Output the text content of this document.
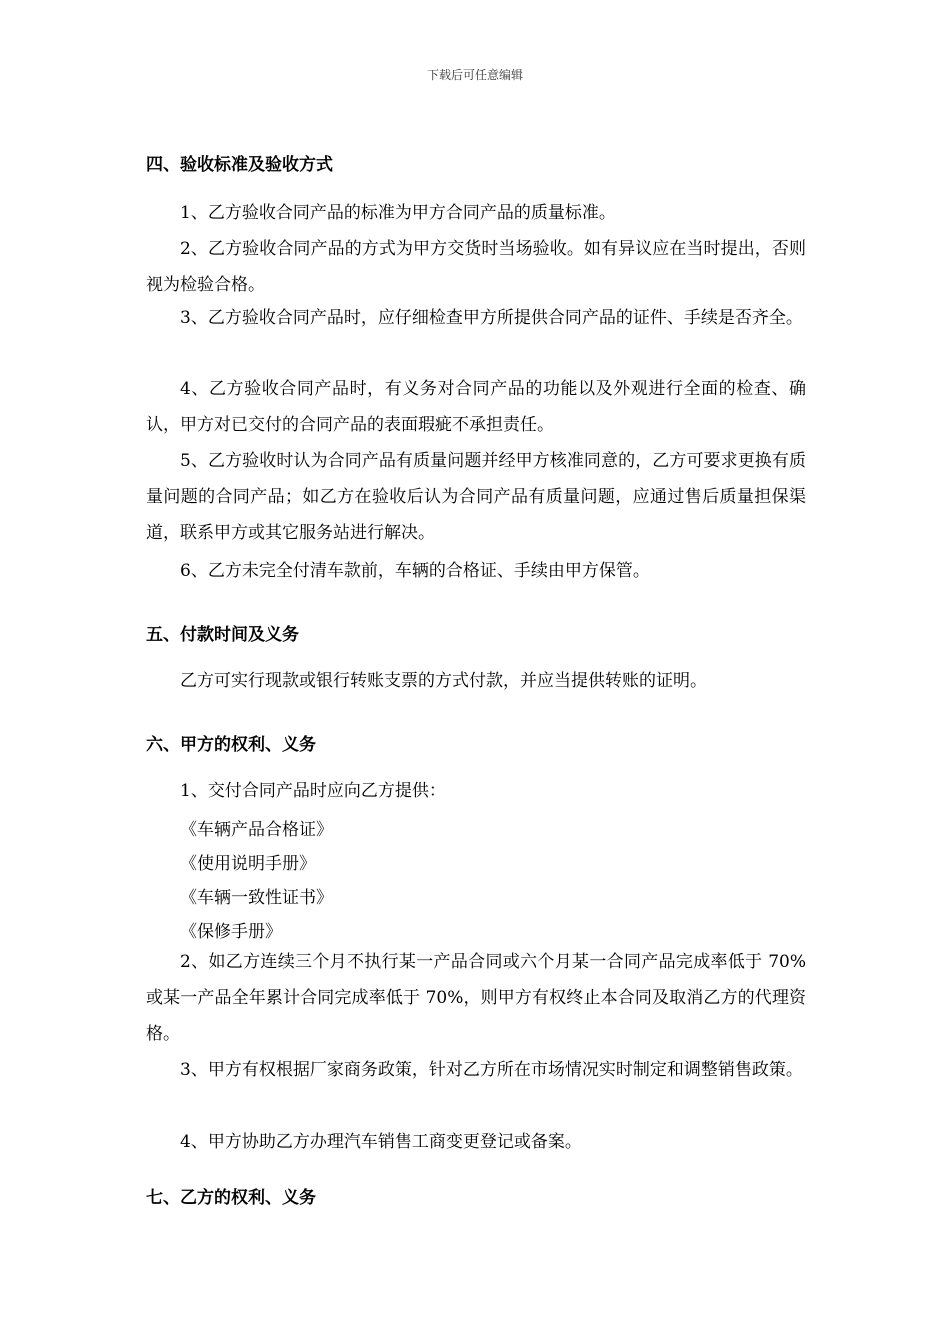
下载后可任意编辑
四、验收标准及验收方式
1、乙方验收合同产品的标准为甲方合同产品的质量标准。
2、乙方验收合同产品的方式为甲方交货时当场验收。如有异议应在当时提出，否则视为检验合格。
3、乙方验收合同产品时，应仔细检查甲方所提供合同产品的证件、手续是否齐全。
4、乙方验收合同产品时，有义务对合同产品的功能以及外观进行全面的检查、确认，甲方对已交付的合同产品的表面瑕疵不承担责任。
5、乙方验收时认为合同产品有质量问题并经甲方核准同意的，乙方可要求更换有质量问题的合同产品；如乙方在验收后认为合同产品有质量问题，应通过售后质量担保渠道，联系甲方或其它服务站进行解决。
6、乙方未完全付清车款前，车辆的合格证、手续由甲方保管。
五、付款时间及义务
乙方可实行现款或银行转账支票的方式付款，并应当提供转账的证明。
六、甲方的权利、义务
1、交付合同产品时应向乙方提供：
《车辆产品合格证》
《使用说明手册》
《车辆一致性证书》
《保修手册》
2、如乙方连续三个月不执行某一产品合同或六个月某一合同产品完成率低于 70%或某一产品全年累计合同完成率低于 70%，则甲方有权终止本合同及取消乙方的代理资格。
3、甲方有权根据厂家商务政策，针对乙方所在市场情况实时制定和调整销售政策。
4、甲方协助乙方办理汽车销售工商变更登记或备案。
七、乙方的权利、义务
